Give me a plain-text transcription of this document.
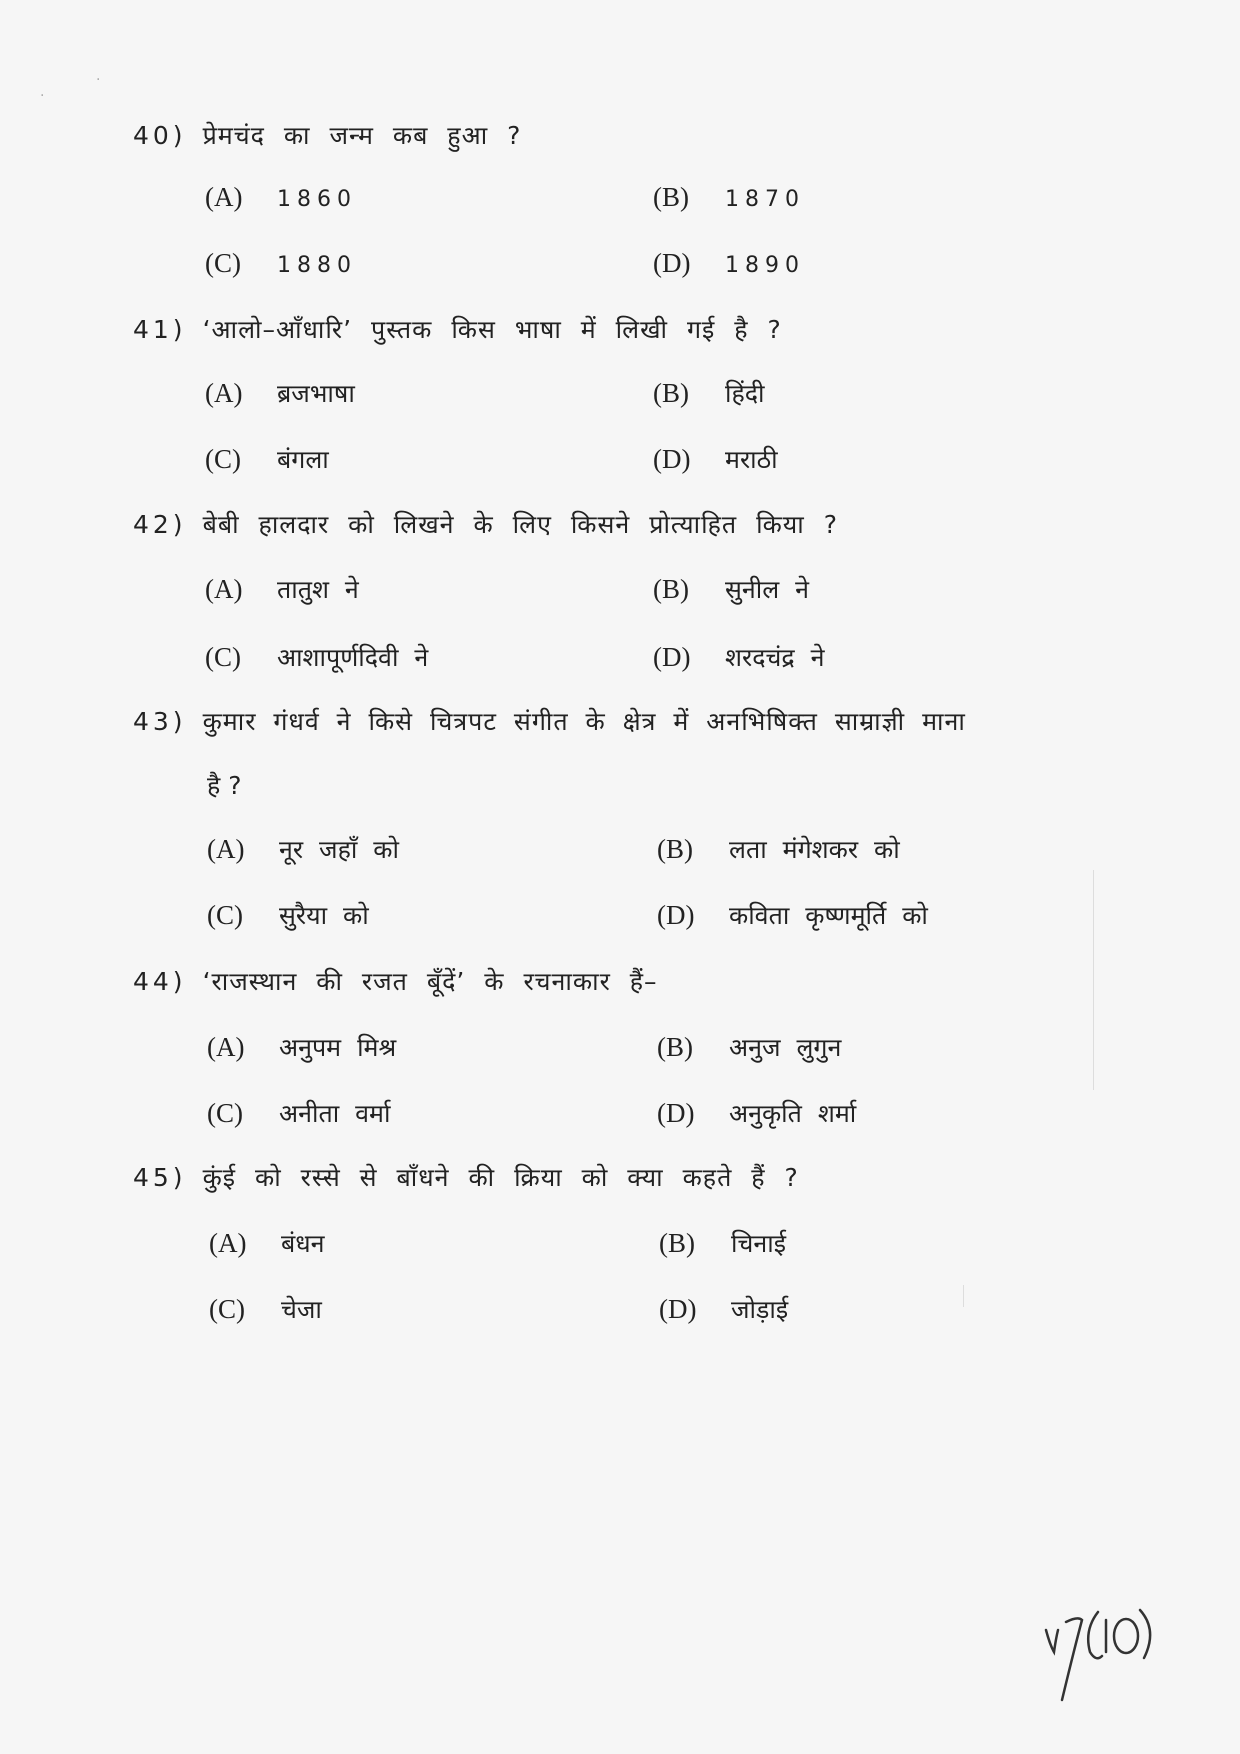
·
·
40) प्रेमचंद का जन्म कब हुआ ?
(A) 1860	(B) 1870
(C) 1880	(D) 1890
41) ‘आलो–आँधारि’ पुस्तक किस भाषा में लिखी गई है ?
(A) ब्रजभाषा	(B) हिंदी
(C) बंगला	(D) मराठी
42) बेबी हालदार को लिखने के लिए किसने प्रोत्याहित किया ?
(A) तातुश ने	(B) सुनील ने
(C) आशापूर्णदिवी ने	(D) शरदचंद्र ने
43) कुमार गंधर्व ने किसे चित्रपट संगीत के क्षेत्र में अनभिषिक्त साम्राज्ञी माना
है ?
(A) नूर जहाँ को	(B) लता मंगेशकर को
(C) सुरैया को	(D) कविता कृष्णमूर्ति को
44) ‘राजस्थान की रजत बूँदें’ के रचनाकार हैं–
(A) अनुपम मिश्र	(B) अनुज लुगुन
(C) अनीता वर्मा	(D) अनुकृति शर्मा
45) कुंई को रस्से से बाँधने की क्रिया को क्या कहते हैं ?
(A) बंधन	(B) चिनाई
(C) चेजा	(D) जोड़ाई
